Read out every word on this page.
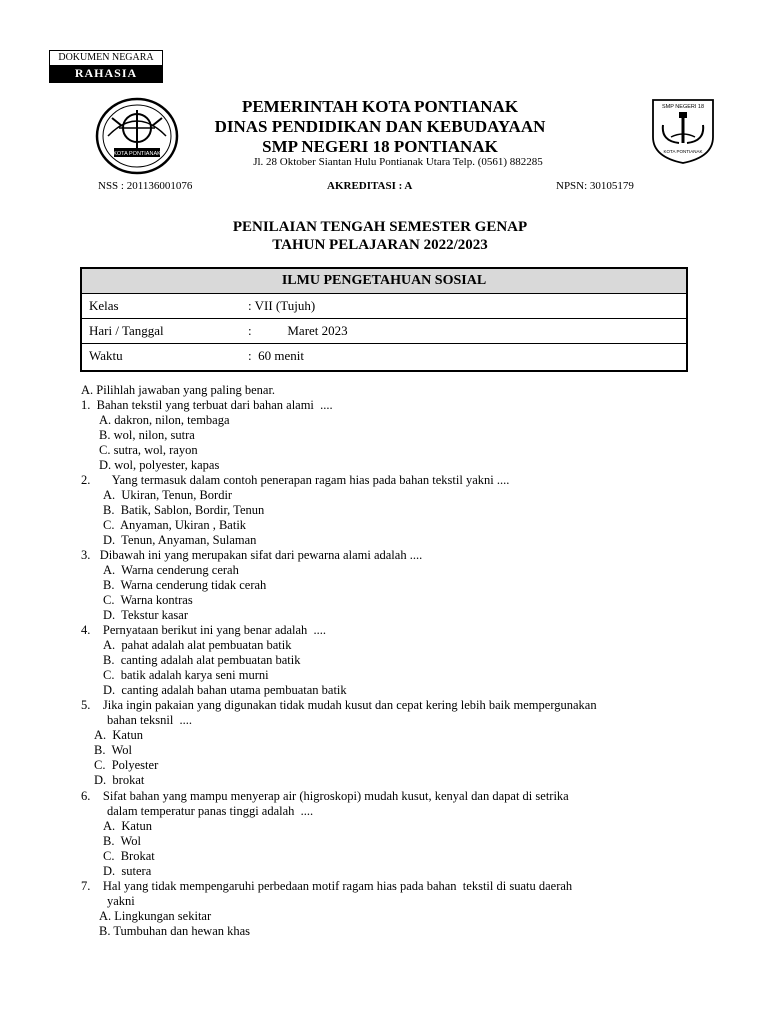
DOKUMEN NEGARA
RAHASIA
KOTA PONTIANAK
PEMERINTAH KOTA PONTIANAK
DINAS PENDIDIKAN DAN KEBUDAYAAN
SMP NEGERI 18 PONTIANAK
Jl. 28 Oktober Siantan Hulu Pontianak Utara Telp. (0561) 882285
SMP NEGERI 18
KOTA PONTIANAK
NSS : 201136001076	AKREDITASI : A	NPSN: 30105179
PENILAIAN TENGAH SEMESTER GENAP
TAHUN PELAJARAN 2022/2023
ILMU PENGETAHUAN SOSIAL
Kelas	: VII (Tujuh)
Hari / Tanggal	:           Maret 2023
Waktu	:  60 menit
A. Pilihlah jawaban yang paling benar.
1.  Bahan tekstil yang terbuat dari bahan alami  ....
A. dakron, nilon, tembaga
B. wol, nilon, sutra
C. sutra, wol, rayon
D. wol, polyester, kapas
2.       Yang termasuk dalam contoh penerapan ragam hias pada bahan tekstil yakni ....
A.  Ukiran, Tenun, Bordir
B.  Batik, Sablon, Bordir, Tenun
C.  Anyaman, Ukiran , Batik
D.  Tenun, Anyaman, Sulaman
3.   Dibawah ini yang merupakan sifat dari pewarna alami adalah ....
A.  Warna cenderung cerah
B.  Warna cenderung tidak cerah
C.  Warna kontras
D.  Tekstur kasar
4.    Pernyataan berikut ini yang benar adalah  ....
A.  pahat adalah alat pembuatan batik
B.  canting adalah alat pembuatan batik
C.  batik adalah karya seni murni
D.  canting adalah bahan utama pembuatan batik
5.    Jika ingin pakaian yang digunakan tidak mudah kusut dan cepat kering lebih baik mempergunakan
bahan teksnil  ....
A.  Katun
B.  Wol
C.  Polyester
D.  brokat
6.    Sifat bahan yang mampu menyerap air (higroskopi) mudah kusut, kenyal dan dapat di setrika
dalam temperatur panas tinggi adalah  ....
A.  Katun
B.  Wol
C.  Brokat
D.  sutera
7.    Hal yang tidak mempengaruhi perbedaan motif ragam hias pada bahan  tekstil di suatu daerah
yakni
A. Lingkungan sekitar
B. Tumbuhan dan hewan khas
